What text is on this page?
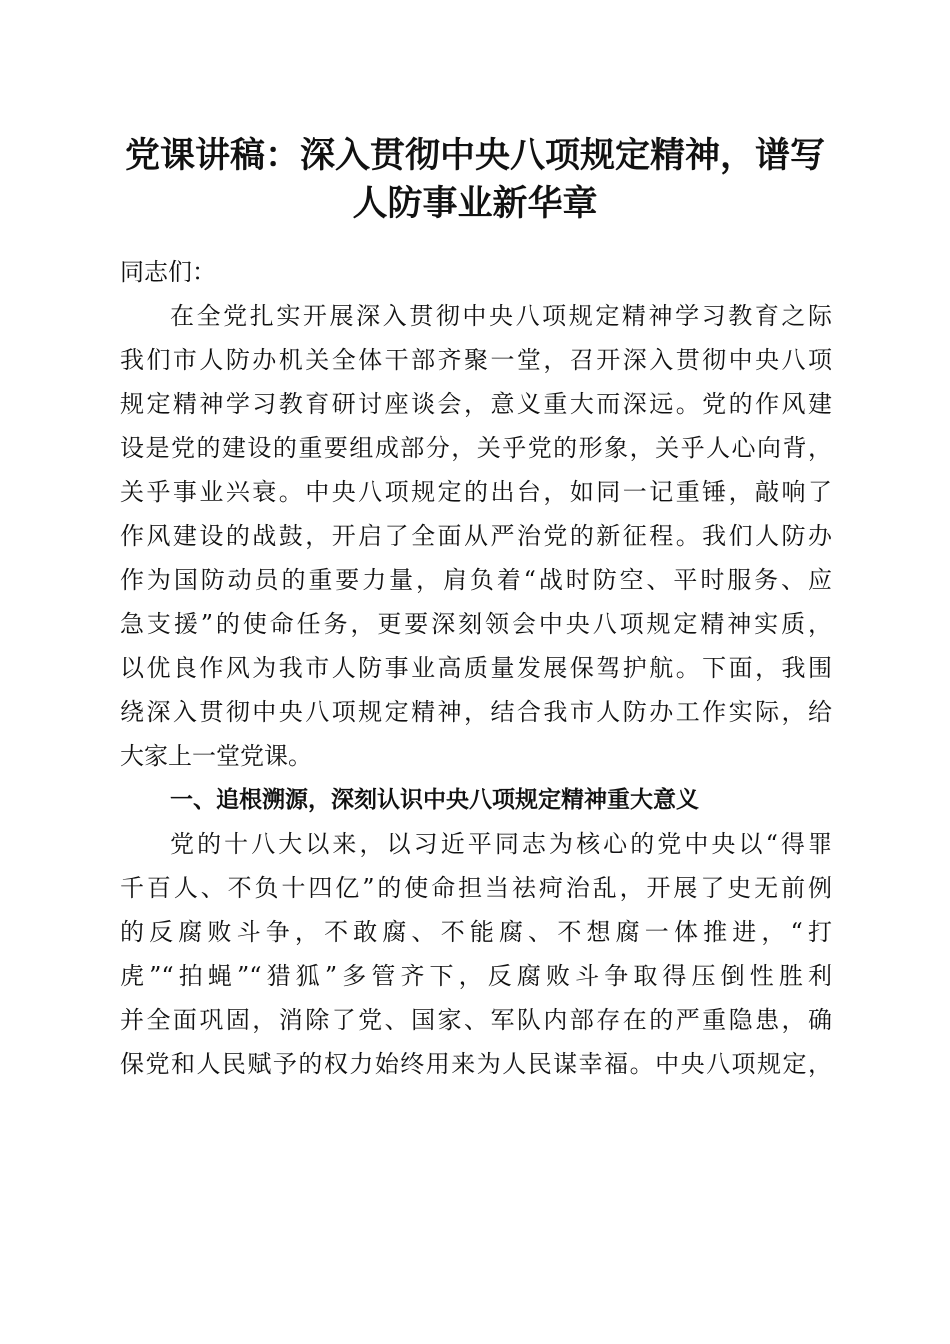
党课讲稿：深入贯彻中央八项规定精神，谱写
人防事业新华章
同志们：
在全党扎实开展深入贯彻中央八项规定精神学习教育之际
我们市人防办机关全体干部齐聚一堂，召开深入贯彻中央八项
规定精神学习教育研讨座谈会，意义重大而深远。党的作风建
设是党的建设的重要组成部分，关乎党的形象，关乎人心向背，
关乎事业兴衰。中央八项规定的出台，如同一记重锤，敲响了
作风建设的战鼓，开启了全面从严治党的新征程。我们人防办
作为国防动员的重要力量，肩负着“战时防空、平时服务、应
急支援”的使命任务，更要深刻领会中央八项规定精神实质，
以优良作风为我市人防事业高质量发展保驾护航。下面，我围
绕深入贯彻中央八项规定精神，结合我市人防办工作实际，给
大家上一堂党课。
一、追根溯源，深刻认识中央八项规定精神重大意义
党的十八大以来，以习近平同志为核心的党中央以“得罪
千百人、不负十四亿”的使命担当祛疴治乱，开展了史无前例
的反腐败斗争，不敢腐、不能腐、不想腐一体推进，“打
虎”“拍蝇”“猎狐”多管齐下，反腐败斗争取得压倒性胜利
并全面巩固，消除了党、国家、军队内部存在的严重隐患，确
保党和人民赋予的权力始终用来为人民谋幸福。中央八项规定，
